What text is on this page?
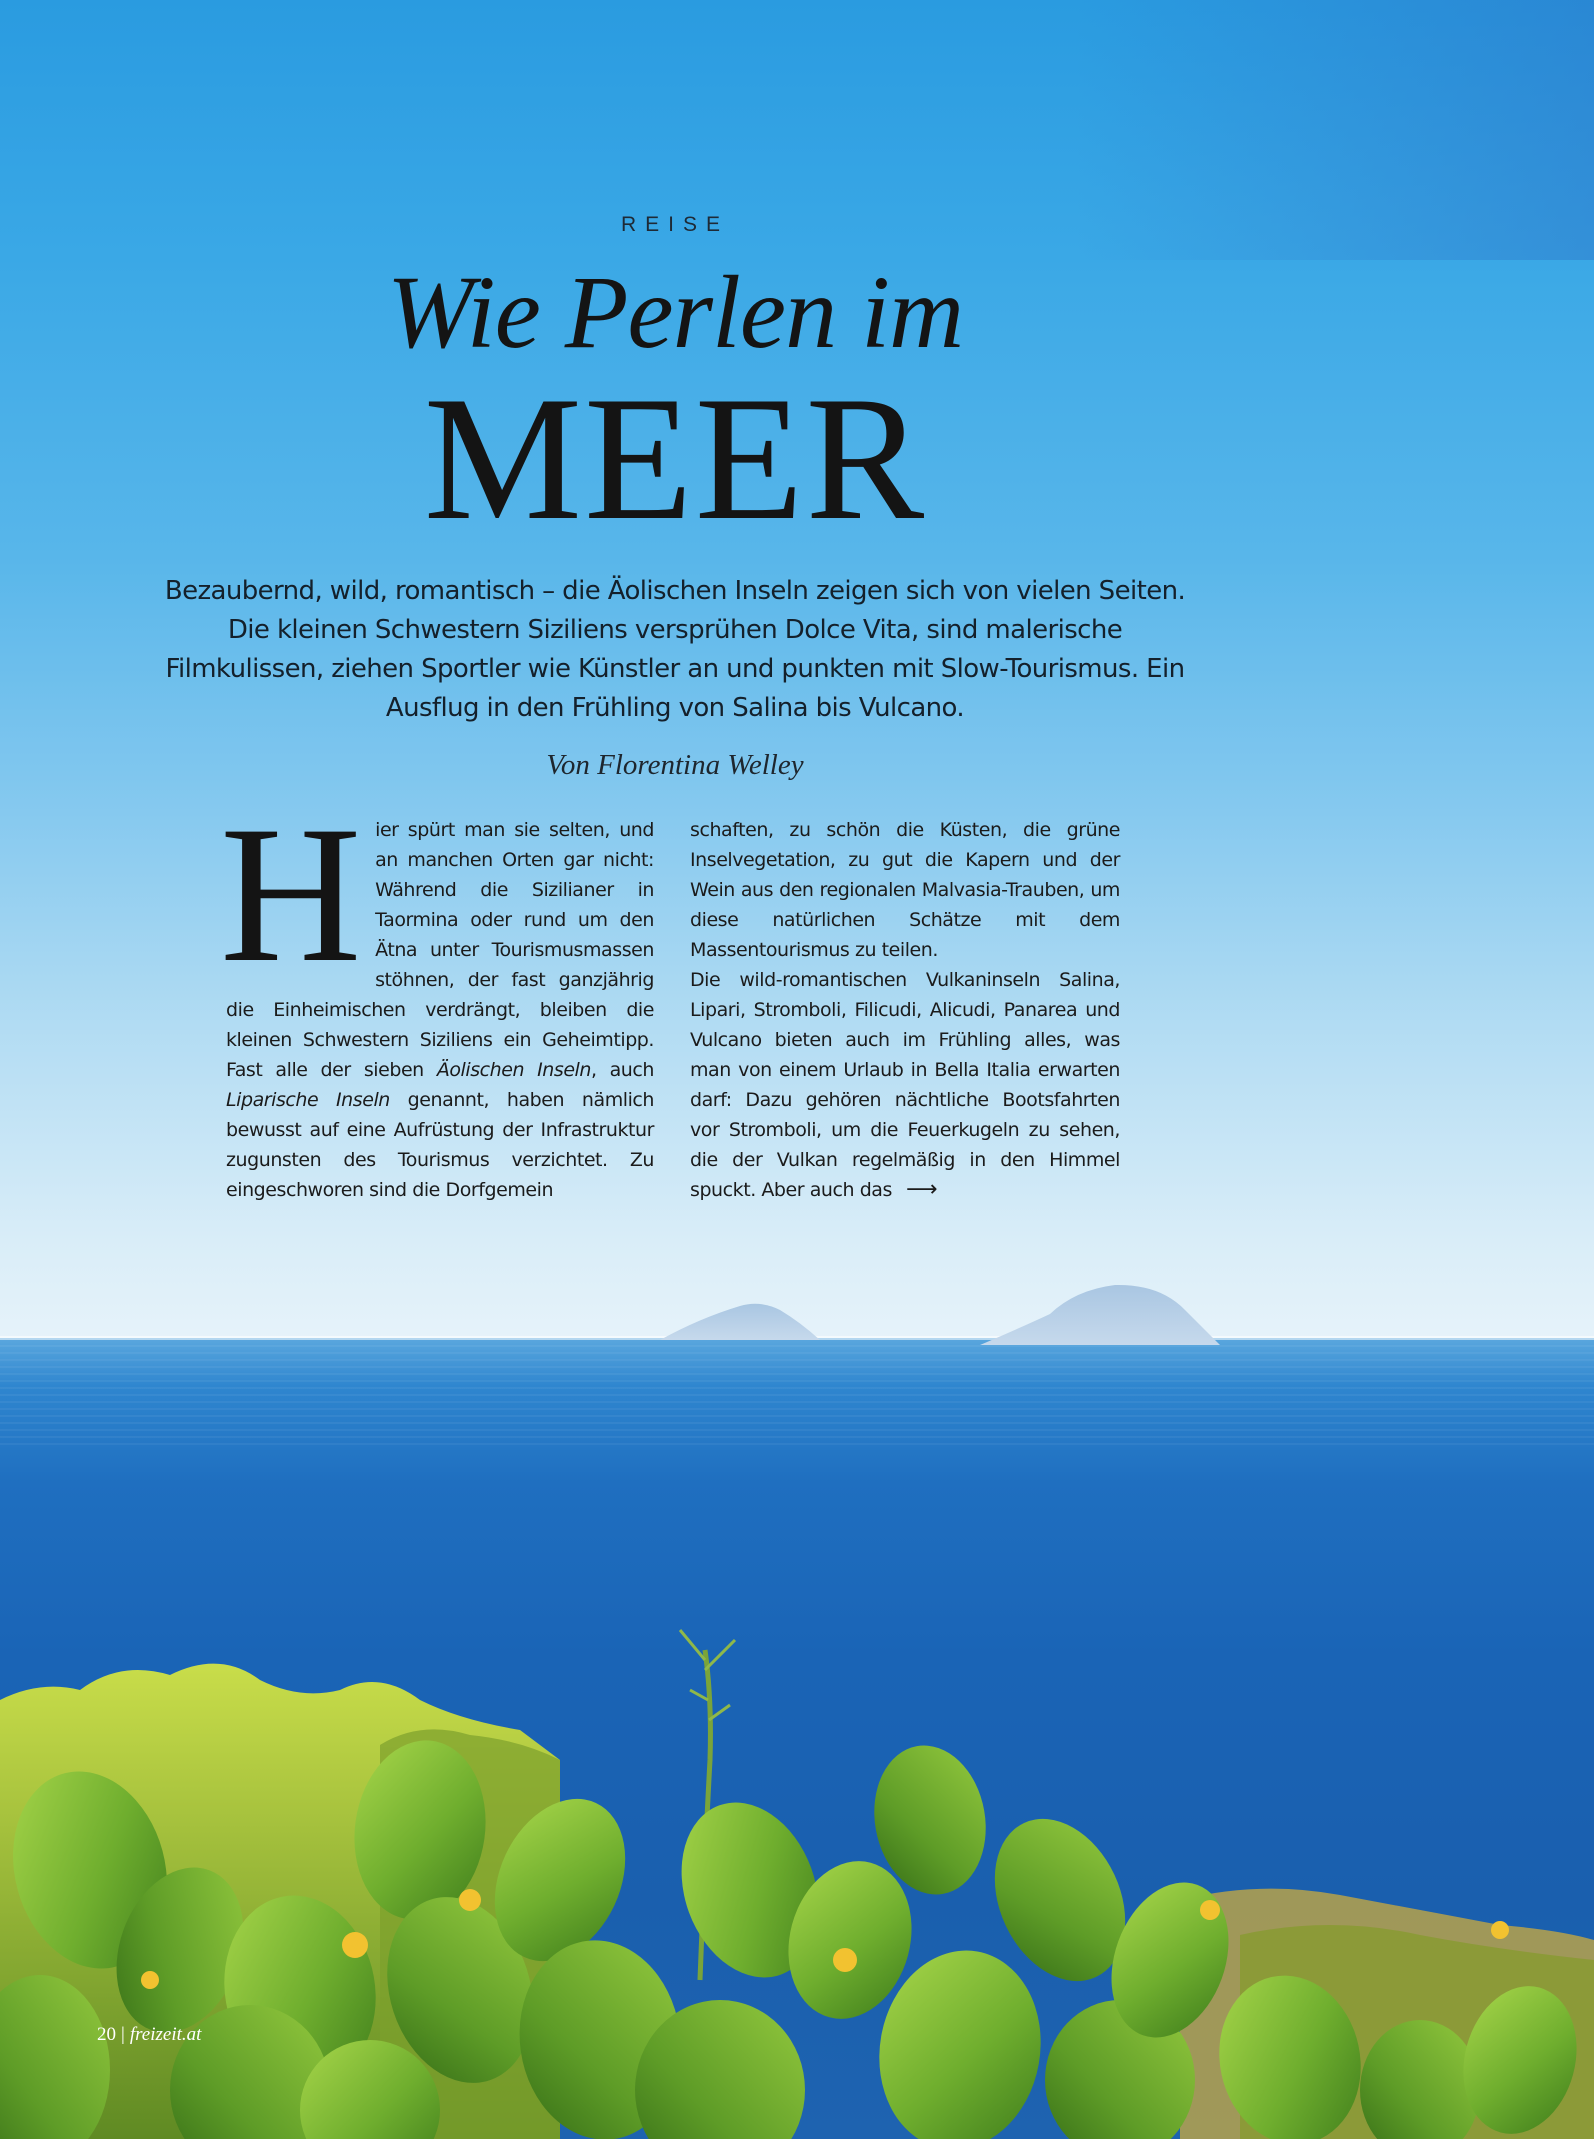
REISE
Wie Perlen im
MEER
Bezaubernd, wild, romantisch – die Äolischen Inseln zeigen sich von vielen Seiten. Die kleinen Schwestern Siziliens versprühen Dolce Vita, sind malerische Filmkulissen, ziehen Sportler wie Künstler an und punkten mit Slow-Tourismus. Ein Ausflug in den Frühling von Salina bis Vulcano.
Von Florentina Welley
Hier spürt man sie selten, und an manchen Orten gar nicht: Während die Sizilianer in Taormina oder rund um den Ätna unter Tourismusmassen stöhnen, der fast ganzjährig die Einheimischen verdrängt, bleiben die kleinen Schwestern Siziliens ein Geheimtipp. Fast alle der sieben Äolischen Inseln, auch Liparische Inseln genannt, haben nämlich bewusst auf eine Aufrüstung der Infrastruktur zugunsten des Tourismus verzichtet. Zu eingeschworen sind die Dorfgemein
schaften, zu schön die Küsten, die grüne Inselvegetation, zu gut die Kapern und der Wein aus den regionalen Malvasia-Trauben, um diese natürlichen Schätze mit dem Massentourismus zu teilen.
Die wild-romantischen Vulkaninseln Salina, Lipari, Stromboli, Filicudi, Alicudi, Panarea und Vulcano bieten auch im Frühling alles, was man von einem Urlaub in Bella Italia erwarten darf: Dazu gehören nächtliche Bootsfahrten vor Stromboli, um die Feuerkugeln zu sehen, die der Vulkan regelmäßig in den Himmel spuckt. Aber auch das ⟶
20 | freizeit.at
